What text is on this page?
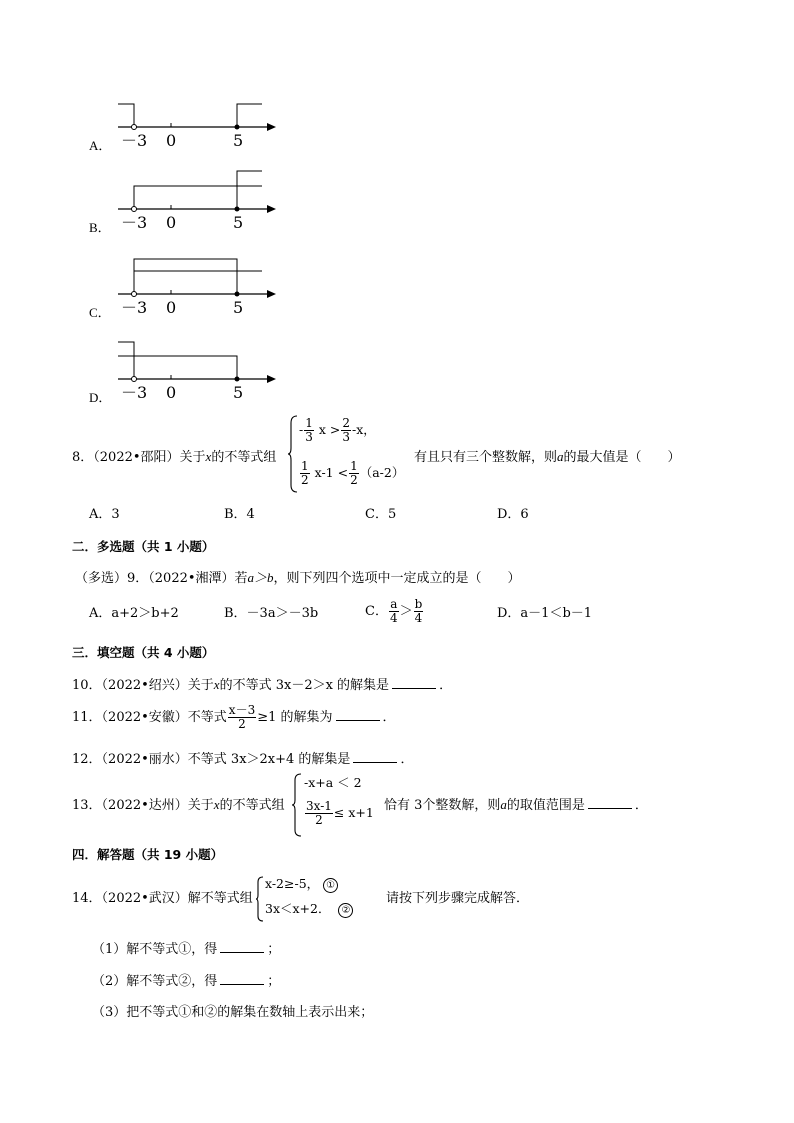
A． －3 0	5
B． －3 0	5
C． －3 0	5
D． －3 0	5
8．（2022•邵阳）关于x的不等式组
- $\frac{1}{3}$ $x > \frac{2}{3} -x$，
$\frac{1}{2} x-1 < \frac{1}{2} (a-2)$
有且只有三个整数解，则a的最大值是（　　）
A．3	B．4	C．5	D．6
二．多选题（共 1 小题）
（多选）9．（2022•湘潭）若a＞b，则下列四个选项中一定成立的是（　　）
A．a+2＞b+2	B．－3a＞－3b	C． $\frac{a}{4} > \frac{b}{4}$	D．a－1＜b－1
三．填空题（共 4 小题）
10．（2022•绍兴）关于x的不等式 3x－2＞x 的解集是	．
11．（2022•安徽）不等式 $\frac{x-3}{2} \ge 1$ 的解集为	．
12．（2022•丽水）不等式 3x＞2x+4 的解集是	．
13．（2022•达州）关于x的不等式组
-x+a ＜ 2
$\frac{3x-1}{2} \le x+1$ 恰有 3个整数解，则a的取值范围是	．
四．解答题（共 19 小题）
14．（2022•武汉）解不等式组
x-2≥-5， ①
3x＜x+2． ②
请按下列步骤完成解答．
（1）解不等式①，得	；
（2）解不等式②，得	；
（3）把不等式①和②的解集在数轴上表示出来；
